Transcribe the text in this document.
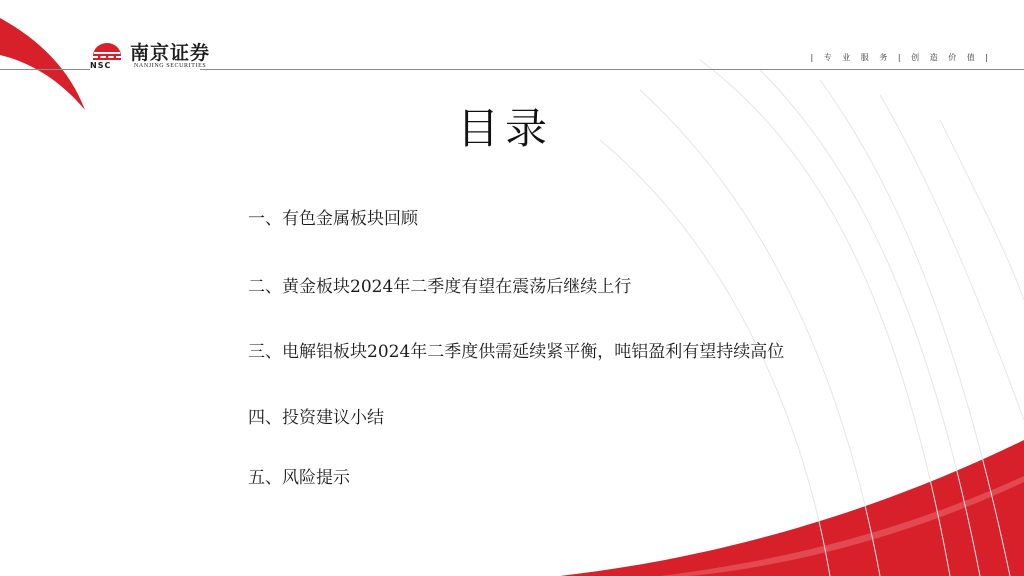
南京证券
NSC	NANJING SECURITIES
| 专 业 服 务 | 创 造 价 值 |
目录
一、有色金属板块回顾
二、黄金板块2024年二季度有望在震荡后继续上行
三、电解铝板块2024年二季度供需延续紧平衡，吨铝盈利有望持续高位
四、投资建议小结
五、风险提示
